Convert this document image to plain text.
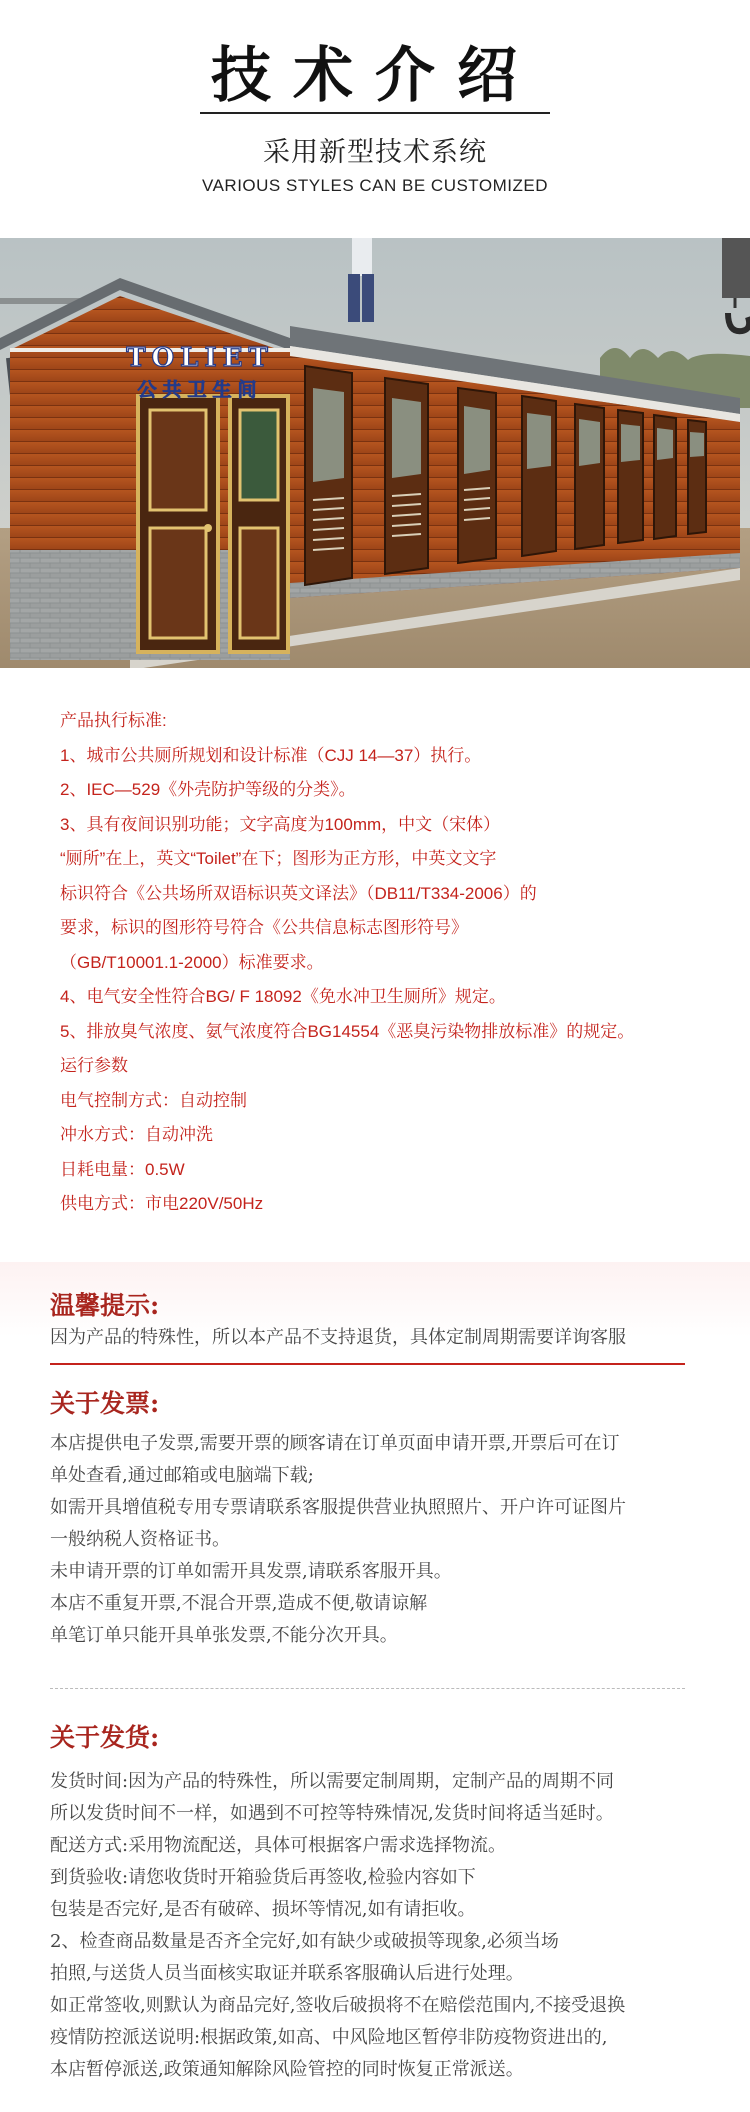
技术介绍
采用新型技术系统
VARIOUS STYLES CAN BE CUSTOMIZED
TOLIET
公共卫生间
产品执行标准:
1、城市公共厕所规划和设计标准（CJJ 14—37）执行。
2、IEC—529《外壳防护等级的分类》。
3、具有夜间识别功能；文字高度为100mm，中文（宋体）
“厕所”在上，英文“Toilet”在下；图形为正方形，中英文文字
标识符合《公共场所双语标识英文译法》（DB11/T334-2006）的
要求，标识的图形符号符合《公共信息标志图形符号》
（GB/T10001.1-2000）标准要求。
4、电气安全性符合BG/ F 18092《免水冲卫生厕所》规定。
5、排放臭气浓度、氨气浓度符合BG14554《恶臭污染物排放标准》的规定。
运行参数
电气控制方式：自动控制
冲水方式：自动冲洗
日耗电量：0.5W
供电方式：市电220V/50Hz
温馨提示:
因为产品的特殊性，所以本产品不支持退货，具体定制周期需要详询客服
关于发票:
本店提供电子发票,需要开票的顾客请在订单页面申请开票,开票后可在订
单处查看,通过邮箱或电脑端下载;
如需开具增值税专用专票请联系客服提供营业执照照片、开户许可证图片
一般纳税人资格证书。
未申请开票的订单如需开具发票,请联系客服开具。
本店不重复开票,不混合开票,造成不便,敬请谅解
单笔订单只能开具单张发票,不能分次开具。
关于发货:
发货时间:因为产品的特殊性，所以需要定制周期，定制产品的周期不同
所以发货时间不一样，如遇到不可控等特殊情况,发货时间将适当延时。
配送方式:采用物流配送，具体可根据客户需求选择物流。
到货验收:请您收货时开箱验货后再签收,检验内容如下
包装是否完好,是否有破碎、损坏等情况,如有请拒收。
2、检查商品数量是否齐全完好,如有缺少或破损等现象,必须当场
拍照,与送货人员当面核实取证并联系客服确认后进行处理。
如正常签收,则默认为商品完好,签收后破损将不在赔偿范围内,不接受退换
疫情防控派送说明:根据政策,如高、中风险地区暂停非防疫物资进出的,
本店暂停派送,政策通知解除风险管控的同时恢复正常派送。
